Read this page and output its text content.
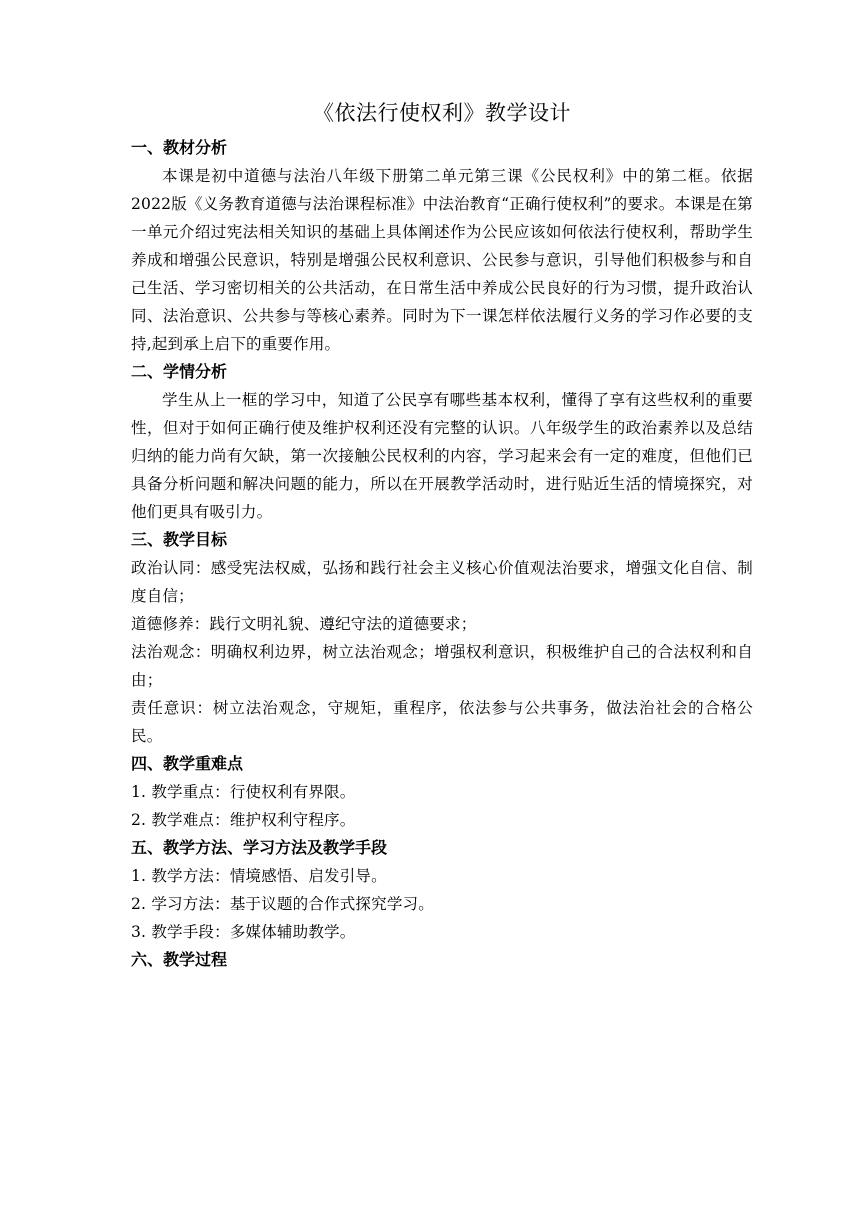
《依法行使权利》教学设计

一、教材分析

本课是初中道德与法治八年级下册第二单元第三课《公民权利》中的第二框。依据 2022版《义务教育道德与法治课程标准》中法治教育“正确行使权利”的要求。本课是在第一单元介绍过宪法相关知识的基础上具体阐述作为公民应该如何依法行使权利，帮助学生养成和增强公民意识，特别是增强公民权利意识、公民参与意识，引导他们积极参与和自己生活、学习密切相关的公共活动，在日常生活中养成公民良好的行为习惯，提升政治认同、法治意识、公共参与等核心素养。同时为下一课怎样依法履行义务的学习作必要的支持,起到承上启下的重要作用。

二、学情分析

学生从上一框的学习中，知道了公民享有哪些基本权利，懂得了享有这些权利的重要性，但对于如何正确行使及维护权利还没有完整的认识。八年级学生的政治素养以及总结归纳的能力尚有欠缺，第一次接触公民权利的内容，学习起来会有一定的难度，但他们已具备分析问题和解决问题的能力，所以在开展教学活动时，进行贴近生活的情境探究，对他们更具有吸引力。

三、教学目标

政治认同：感受宪法权威，弘扬和践行社会主义核心价值观法治要求，增强文化自信、制度自信；

道德修养：践行文明礼貌、遵纪守法的道德要求；

法治观念：明确权利边界，树立法治观念；增强权利意识，积极维护自己的合法权利和自由；

责任意识：树立法治观念，守规矩，重程序，依法参与公共事务，做法治社会的合格公民。

四、教学重难点

1. 教学重点：行使权利有界限。

2. 教学难点：维护权利守程序。

五、教学方法、学习方法及教学手段

1. 教学方法：情境感悟、启发引导。

2. 学习方法：基于议题的合作式探究学习。

3. 教学手段：多媒体辅助教学。

六、教学过程
